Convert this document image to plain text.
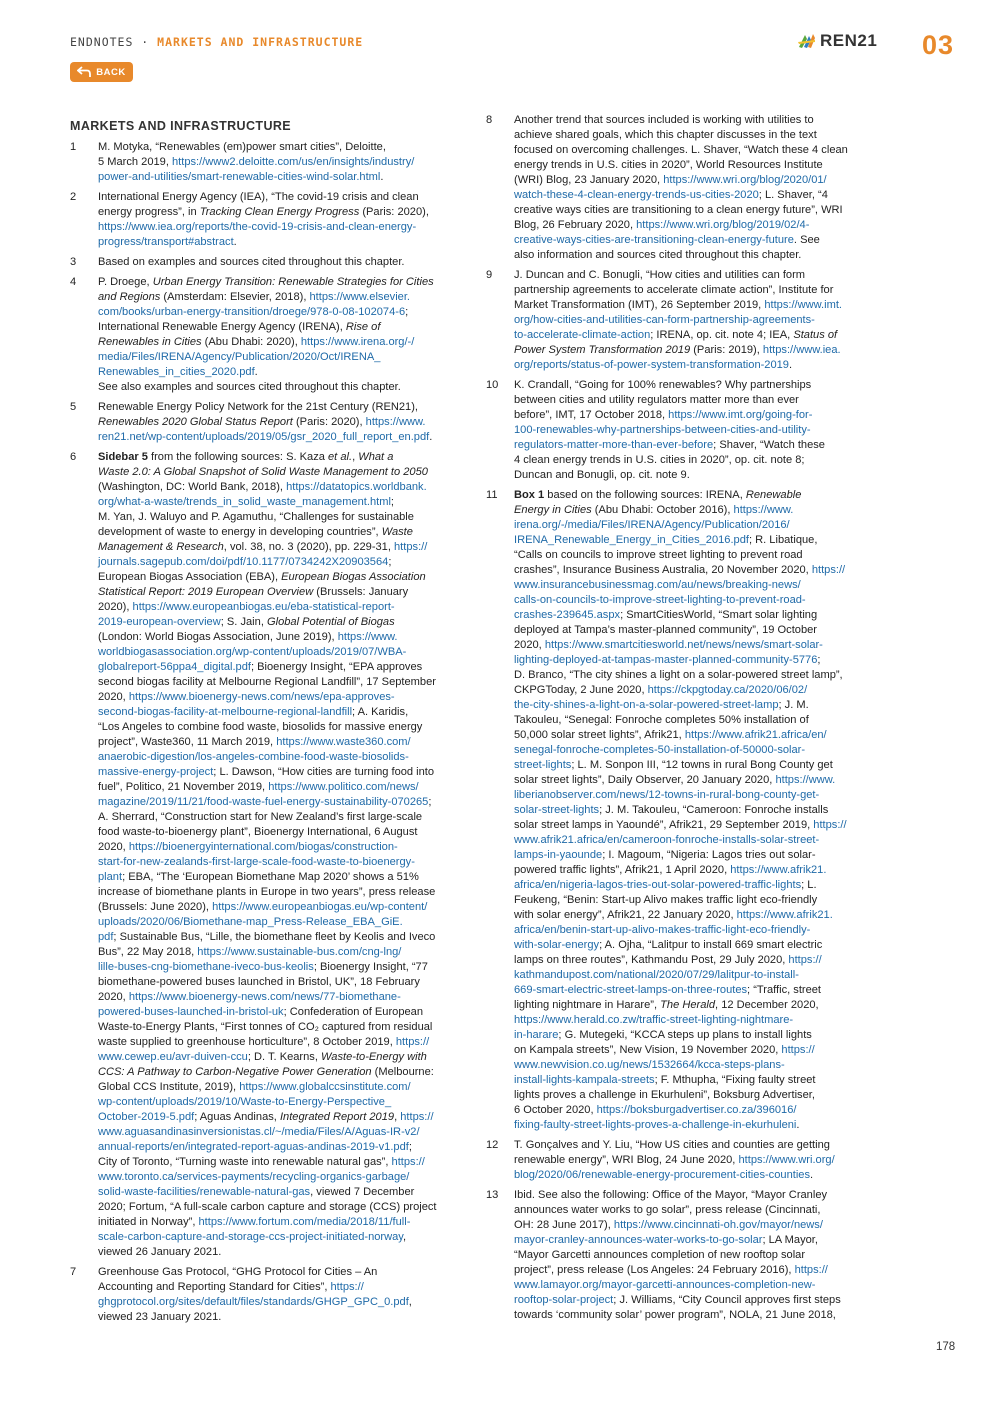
ENDNOTES · MARKETS AND INFRASTRUCTURE	REN21 03
BACK
MARKETS AND INFRASTRUCTURE
1	M. Motyka, “Renewables (em)power smart cities”, Deloitte,

5 March 2019, https://www2.deloitte.com/us/en/insights/industry/

power-and-utilities/smart-renewable-cities-wind-solar.html.

2	International Energy Agency (IEA), “The covid-19 crisis and clean

energy progress”, in Tracking Clean Energy Progress (Paris: 2020),

https://www.iea.org/reports/the-covid-19-crisis-and-clean-energy-

progress/transport#abstract.

3	Based on examples and sources cited throughout this chapter.

4	P. Droege, Urban Energy Transition: Renewable Strategies for Cities

and Regions (Amsterdam: Elsevier, 2018), https://www.elsevier.

com/books/urban-energy-transition/droege/978-0-08-102074-6;

International Renewable Energy Agency (IRENA), Rise of

Renewables in Cities (Abu Dhabi: 2020), https://www.irena.org/-/

media/Files/IRENA/Agency/Publication/2020/Oct/IRENA_

Renewables_in_cities_2020.pdf.

See also examples and sources cited throughout this chapter.

5	Renewable Energy Policy Network for the 21st Century (REN21),

Renewables 2020 Global Status Report (Paris: 2020), https://www.

ren21.net/wp-content/uploads/2019/05/gsr_2020_full_report_en.pdf.

6	Sidebar 5 from the following sources: S. Kaza et al., What a

Waste 2.0: A Global Snapshot of Solid Waste Management to 2050

(Washington, DC: World Bank, 2018), https://datatopics.worldbank.

org/what-a-waste/trends_in_solid_waste_management.html;

M. Yan, J. Waluyo and P. Agamuthu, “Challenges for sustainable

development of waste to energy in developing countries”, Waste

Management & Research, vol. 38, no. 3 (2020), pp. 229-31, https://

journals.sagepub.com/doi/pdf/10.1177/0734242X20903564;

European Biogas Association (EBA), European Biogas Association

Statistical Report: 2019 European Overview (Brussels: January

2020), https://www.europeanbiogas.eu/eba-statistical-report-

2019-european-overview; S. Jain, Global Potential of Biogas

(London: World Biogas Association, June 2019), https://www.

worldbiogasassociation.org/wp-content/uploads/2019/07/WBA-

globalreport-56ppa4_digital.pdf; Bioenergy Insight, “EPA approves

second biogas facility at Melbourne Regional Landfill”, 17 September

2020, https://www.bioenergy-news.com/news/epa-approves-

second-biogas-facility-at-melbourne-regional-landfill; A. Karidis,

“Los Angeles to combine food waste, biosolids for massive energy

project”, Waste360, 11 March 2019, https://www.waste360.com/

anaerobic-digestion/los-angeles-combine-food-waste-biosolids-

massive-energy-project; L. Dawson, “How cities are turning food into

fuel”, Politico, 21 November 2019, https://www.politico.com/news/

magazine/2019/11/21/food-waste-fuel-energy-sustainability-070265;

A. Sherrard, “Construction start for New Zealand’s first large-scale

food waste-to-bioenergy plant”, Bioenergy International, 6 August

2020, https://bioenergyinternational.com/biogas/construction-

start-for-new-zealands-first-large-scale-food-waste-to-bioenergy-

plant; EBA, “The ‘European Biomethane Map 2020’ shows a 51%

increase of biomethane plants in Europe in two years”, press release

(Brussels: June 2020), https://www.europeanbiogas.eu/wp-content/

uploads/2020/06/Biomethane-map_Press-Release_EBA_GiE.

pdf; Sustainable Bus, “Lille, the biomethane fleet by Keolis and Iveco

Bus”, 22 May 2018, https://www.sustainable-bus.com/cng-lng/

lille-buses-cng-biomethane-iveco-bus-keolis; Bioenergy Insight, “77

biomethane-powered buses launched in Bristol, UK”, 18 February

2020, https://www.bioenergy-news.com/news/77-biomethane-

powered-buses-launched-in-bristol-uk; Confederation of European

Waste-to-Energy Plants, “First tonnes of CO₂ captured from residual

waste supplied to greenhouse horticulture”, 8 October 2019, https://

www.cewep.eu/avr-duiven-ccu; D. T. Kearns, Waste-to-Energy with

CCS: A Pathway to Carbon-Negative Power Generation (Melbourne:

Global CCS Institute, 2019), https://www.globalccsinstitute.com/

wp-content/uploads/2019/10/Waste-to-Energy-Perspective_

October-2019-5.pdf; Aguas Andinas, Integrated Report 2019, https://

www.aguasandinasinversionistas.cl/~/media/Files/A/Aguas-IR-v2/

annual-reports/en/integrated-report-aguas-andinas-2019-v1.pdf;

City of Toronto, “Turning waste into renewable natural gas”, https://

www.toronto.ca/services-payments/recycling-organics-garbage/

solid-waste-facilities/renewable-natural-gas, viewed 7 December

2020; Fortum, “A full-scale carbon capture and storage (CCS) project

initiated in Norway”, https://www.fortum.com/media/2018/11/full-

scale-carbon-capture-and-storage-ccs-project-initiated-norway,

viewed 26 January 2021.

7	Greenhouse Gas Protocol, “GHG Protocol for Cities – An

Accounting and Reporting Standard for Cities”, https://

ghgprotocol.org/sites/default/files/standards/GHGP_GPC_0.pdf,

viewed 23 January 2021.

8	Another trend that sources included is working with utilities to

achieve shared goals, which this chapter discusses in the text

focused on overcoming challenges. L. Shaver, “Watch these 4 clean

energy trends in U.S. cities in 2020”, World Resources Institute

(WRI) Blog, 23 January 2020, https://www.wri.org/blog/2020/01/

watch-these-4-clean-energy-trends-us-cities-2020; L. Shaver, “4

creative ways cities are transitioning to a clean energy future”, WRI

Blog, 26 February 2020, https://www.wri.org/blog/2019/02/4-

creative-ways-cities-are-transitioning-clean-energy-future. See

also information and sources cited throughout this chapter.

9	J. Duncan and C. Bonugli, “How cities and utilities can form

partnership agreements to accelerate climate action”, Institute for

Market Transformation (IMT), 26 September 2019, https://www.imt.

org/how-cities-and-utilities-can-form-partnership-agreements-

to-accelerate-climate-action; IRENA, op. cit. note 4; IEA, Status of

Power System Transformation 2019 (Paris: 2019), https://www.iea.

org/reports/status-of-power-system-transformation-2019.

10	K. Crandall, “Going for 100% renewables? Why partnerships

between cities and utility regulators matter more than ever

before”, IMT, 17 October 2018, https://www.imt.org/going-for-

100-renewables-why-partnerships-between-cities-and-utility-

regulators-matter-more-than-ever-before; Shaver, “Watch these

4 clean energy trends in U.S. cities in 2020”, op. cit. note 8;

Duncan and Bonugli, op. cit. note 9.

11	Box 1 based on the following sources: IRENA, Renewable

Energy in Cities (Abu Dhabi: October 2016), https://www.

irena.org/-/media/Files/IRENA/Agency/Publication/2016/

IRENA_Renewable_Energy_in_Cities_2016.pdf; R. Libatique,

“Calls on councils to improve street lighting to prevent road

crashes”, Insurance Business Australia, 20 November 2020, https://

www.insurancebusinessmag.com/au/news/breaking-news/

calls-on-councils-to-improve-street-lighting-to-prevent-road-

crashes-239645.aspx; SmartCitiesWorld, “Smart solar lighting

deployed at Tampa’s master-planned community”, 19 October

2020, https://www.smartcitiesworld.net/news/news/smart-solar-

lighting-deployed-at-tampas-master-planned-community-5776;

D. Branco, “The city shines a light on a solar-powered street lamp”,

CKPGToday, 2 June 2020, https://ckpgtoday.ca/2020/06/02/

the-city-shines-a-light-on-a-solar-powered-street-lamp; J. M.

Takouleu, “Senegal: Fonroche completes 50% installation of

50,000 solar street lights”, Afrik21, https://www.afrik21.africa/en/

senegal-fonroche-completes-50-installation-of-50000-solar-

street-lights; L. M. Sonpon III, “12 towns in rural Bong County get

solar street lights”, Daily Observer, 20 January 2020, https://www.

liberianobserver.com/news/12-towns-in-rural-bong-county-get-

solar-street-lights; J. M. Takouleu, “Cameroon: Fonroche installs

solar street lamps in Yaoundé”, Afrik21, 29 September 2019, https://

www.afrik21.africa/en/cameroon-fonroche-installs-solar-street-

lamps-in-yaounde; I. Magoum, “Nigeria: Lagos tries out solar-

powered traffic lights”, Afrik21, 1 April 2020, https://www.afrik21.

africa/en/nigeria-lagos-tries-out-solar-powered-traffic-lights; L.

Feukeng, “Benin: Start-up Alivo makes traffic light eco-friendly

with solar energy”, Afrik21, 22 January 2020, https://www.afrik21.

africa/en/benin-start-up-alivo-makes-traffic-light-eco-friendly-

with-solar-energy; A. Ojha, “Lalitpur to install 669 smart electric

lamps on three routes”, Kathmandu Post, 29 July 2020, https://

kathmandupost.com/national/2020/07/29/lalitpur-to-install-

669-smart-electric-street-lamps-on-three-routes; “Traffic, street

lighting nightmare in Harare”, The Herald, 12 December 2020,

https://www.herald.co.zw/traffic-street-lighting-nightmare-

in-harare; G. Mutegeki, “KCCA steps up plans to install lights

on Kampala streets”, New Vision, 19 November 2020, https://

www.newvision.co.ug/news/1532664/kcca-steps-plans-

install-lights-kampala-streets; F. Mthupha, “Fixing faulty street

lights proves a challenge in Ekurhuleni”, Boksburg Advertiser,

6 October 2020, https://boksburgadvertiser.co.za/396016/

fixing-faulty-street-lights-proves-a-challenge-in-ekurhuleni.

12	T. Gonçalves and Y. Liu, “How US cities and counties are getting

renewable energy”, WRI Blog, 24 June 2020, https://www.wri.org/

blog/2020/06/renewable-energy-procurement-cities-counties.

13	Ibid. See also the following: Office of the Mayor, “Mayor Cranley

announces water works to go solar”, press release (Cincinnati,

OH: 28 June 2017), https://www.cincinnati-oh.gov/mayor/news/

mayor-cranley-announces-water-works-to-go-solar; LA Mayor,

“Mayor Garcetti announces completion of new rooftop solar

project”, press release (Los Angeles: 24 February 2016), https://

www.lamayor.org/mayor-garcetti-announces-completion-new-

rooftop-solar-project; J. Williams, “City Council approves first steps

towards ‘community solar’ power program”, NOLA, 21 June 2018,

178
